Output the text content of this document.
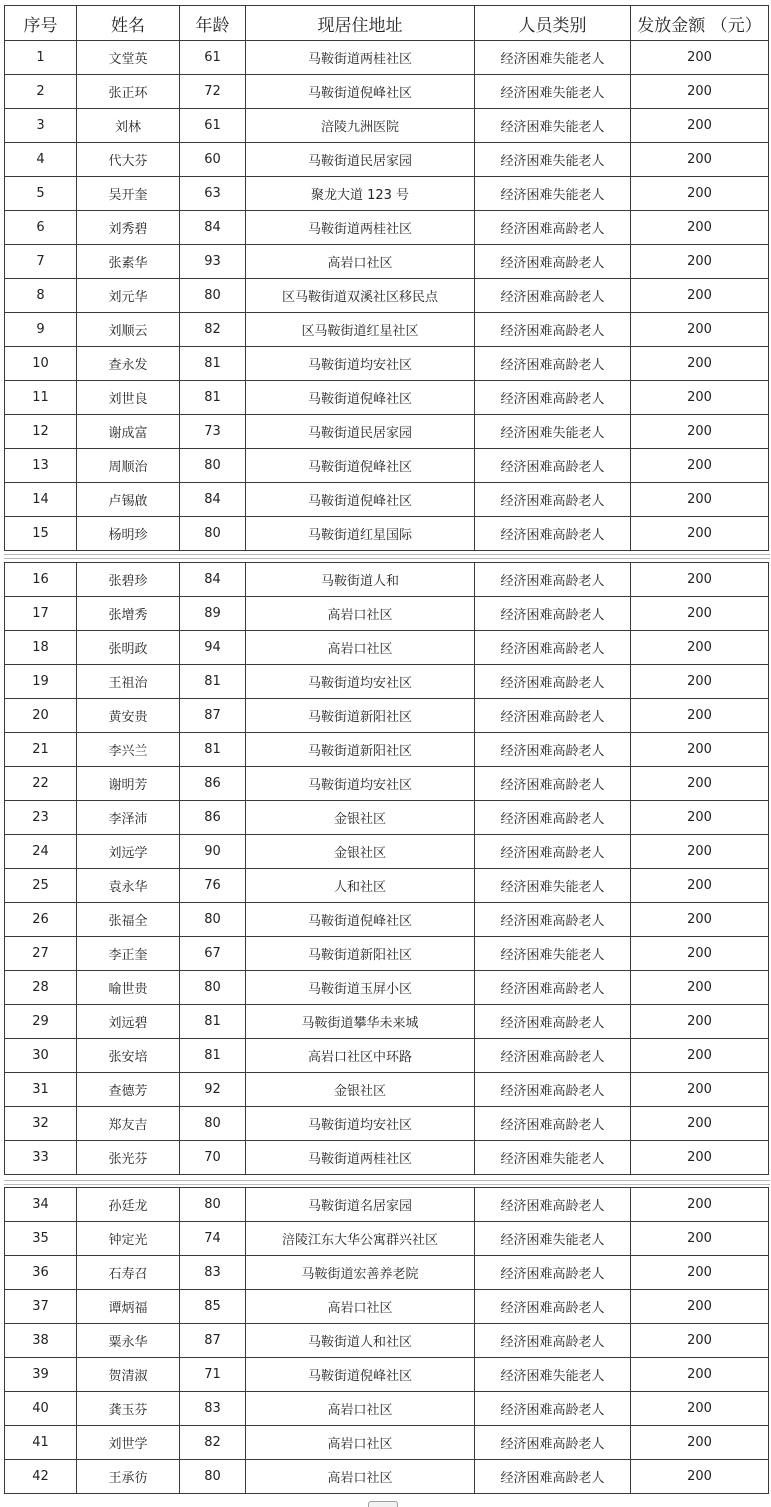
序号	姓名	年龄	现居住地址	人员类别	发放金额 （元）
1	文堂英	61	马鞍街道两桂社区	经济困难失能老人	200
2	张正环	72	马鞍街道倪峰社区	经济困难失能老人	200
3	刘林	61	涪陵九洲医院	经济困难失能老人	200
4	代大芬	60	马鞍街道民居家园	经济困难失能老人	200
5	吴开奎	63	聚龙大道 123 号	经济困难失能老人	200
6	刘秀碧	84	马鞍街道两桂社区	经济困难高龄老人	200
7	张素华	93	高岩口社区	经济困难高龄老人	200
8	刘元华	80	区马鞍街道双溪社区移民点	经济困难高龄老人	200
9	刘顺云	82	区马鞍街道红星社区	经济困难高龄老人	200
10	查永发	81	马鞍街道均安社区	经济困难高龄老人	200
11	刘世良	81	马鞍街道倪峰社区	经济困难高龄老人	200
12	谢成富	73	马鞍街道民居家园	经济困难失能老人	200
13	周顺治	80	马鞍街道倪峰社区	经济困难高龄老人	200
14	卢锡啟	84	马鞍街道倪峰社区	经济困难高龄老人	200
15	杨明珍	80	马鞍街道红星国际	经济困难高龄老人	200
16	张碧珍	84	马鞍街道人和	经济困难高龄老人	200
17	张增秀	89	高岩口社区	经济困难高龄老人	200
18	张明政	94	高岩口社区	经济困难高龄老人	200
19	王祖治	81	马鞍街道均安社区	经济困难高龄老人	200
20	黄安贵	87	马鞍街道新阳社区	经济困难高龄老人	200
21	李兴兰	81	马鞍街道新阳社区	经济困难高龄老人	200
22	谢明芳	86	马鞍街道均安社区	经济困难高龄老人	200
23	李泽沛	86	金银社区	经济困难高龄老人	200
24	刘远学	90	金银社区	经济困难高龄老人	200
25	袁永华	76	人和社区	经济困难失能老人	200
26	张福全	80	马鞍街道倪峰社区	经济困难高龄老人	200
27	李正奎	67	马鞍街道新阳社区	经济困难失能老人	200
28	喻世贵	80	马鞍街道玉屏小区	经济困难高龄老人	200
29	刘远碧	81	马鞍街道攀华未来城	经济困难高龄老人	200
30	张安培	81	高岩口社区中环路	经济困难高龄老人	200
31	查德芳	92	金银社区	经济困难高龄老人	200
32	郑友吉	80	马鞍街道均安社区	经济困难高龄老人	200
33	张光芬	70	马鞍街道两桂社区	经济困难失能老人	200
34	孙廷龙	80	马鞍街道名居家园	经济困难高龄老人	200
35	钟定光	74	涪陵江东大华公寓群兴社区	经济困难失能老人	200
36	石寿召	83	马鞍街道宏善养老院	经济困难高龄老人	200
37	谭炳福	85	高岩口社区	经济困难高龄老人	200
38	粟永华	87	马鞍街道人和社区	经济困难高龄老人	200
39	贺清淑	71	马鞍街道倪峰社区	经济困难失能老人	200
40	龚玉芬	83	高岩口社区	经济困难高龄老人	200
41	刘世学	82	高岩口社区	经济困难高龄老人	200
42	王承彷	80	高岩口社区	经济困难高龄老人	200
